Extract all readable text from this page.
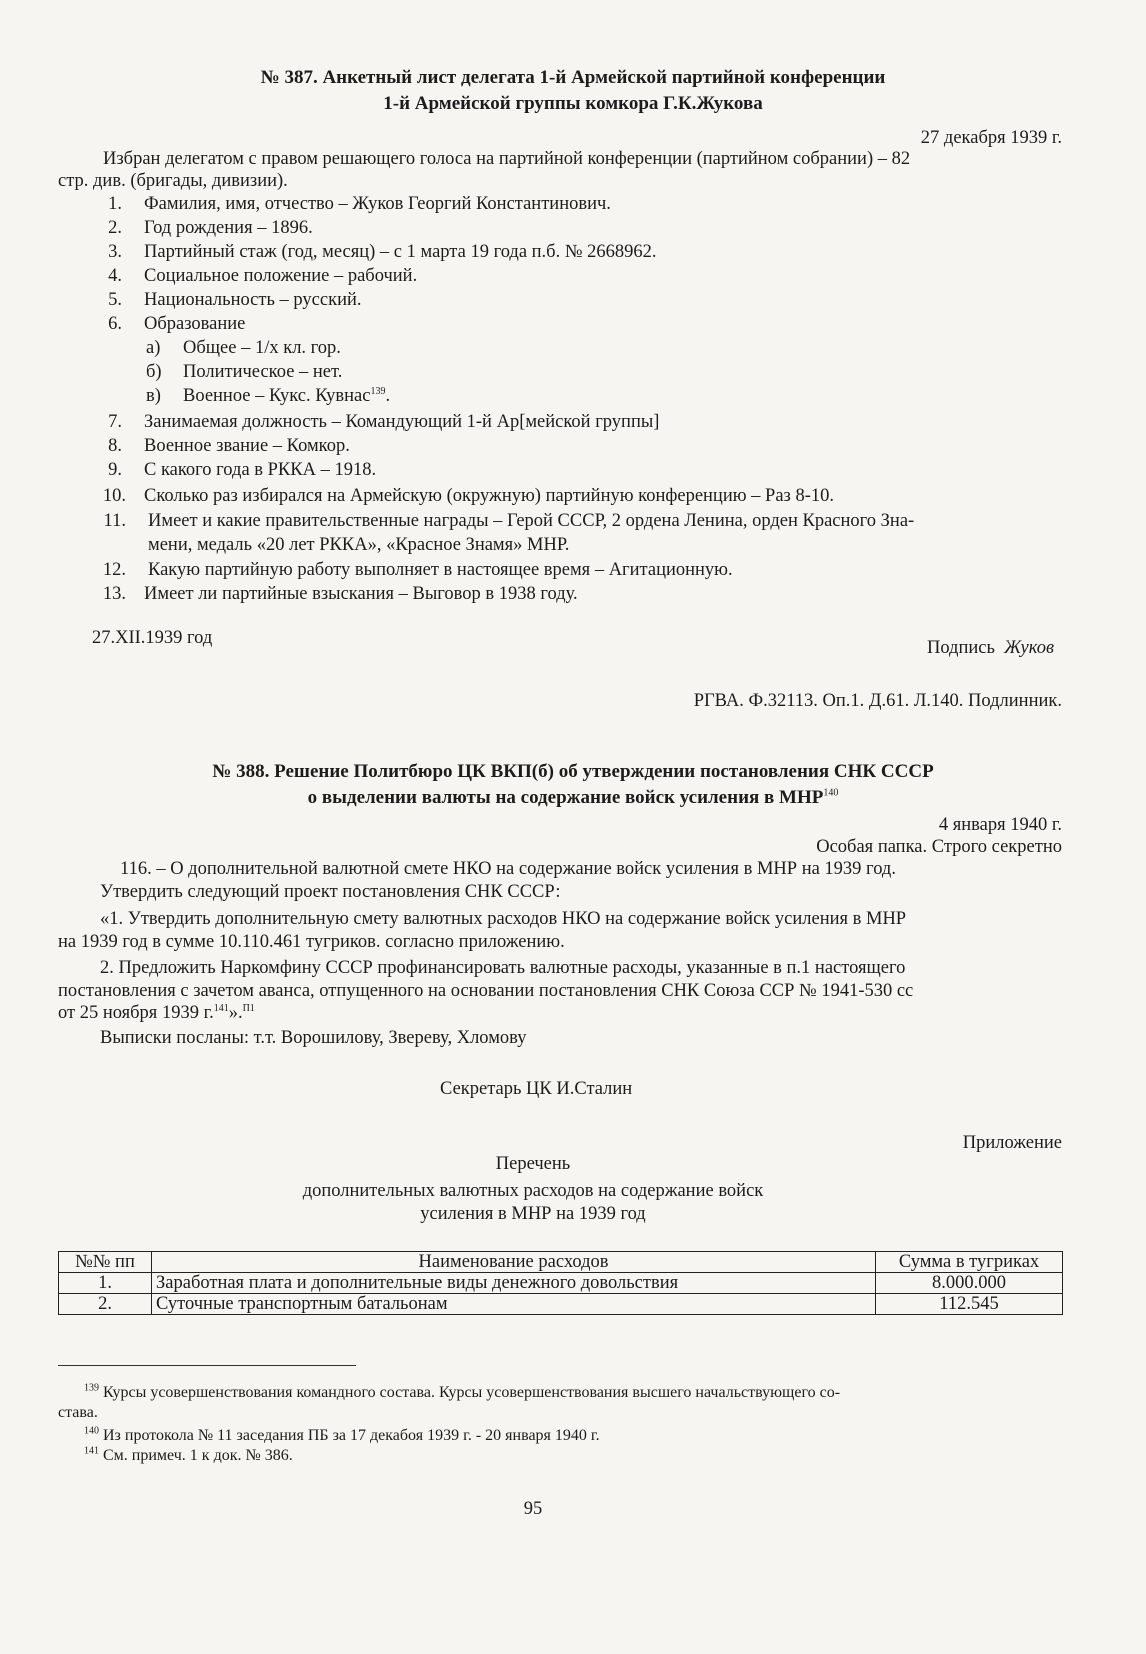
№ 387. Анкетный лист делегата 1-й Армейской партийной конференции
1-й Армейской группы комкора Г.К.Жукова
27 декабря 1939 г.
Избран делегатом с правом решающего голоса на партийной конференции (партийном собрании) – 82
стр. див. (бригады, дивизии).
1. Фамилия, имя, отчество – Жуков Георгий Константинович.
2. Год рождения – 1896.
3. Партийный стаж (год, месяц) – с 1 марта 19 года п.б. № 2668962.
4. Социальное положение – рабочий.
5. Национальность – русский.
6. Образование
а) Общее – 1/х кл. гор.
б) Политическое – нет.
в) Военное – Кукс. Кувнас$^{139}$.
7. Занимаемая должность – Командующий 1-й Ар[мейской группы]
8. Военное звание – Комкор.
9. С какого года в РККА – 1918.
10. Сколько раз избирался на Армейскую (окружную) партийную конференцию – Раз 8-10.
11. Имеет и какие правительственные награды – Герой СССР, 2 ордена Ленина, орден Красного Зна-
мени, медаль «20 лет РККА», «Красное Знамя» МНР.
12. Какую партийную работу выполняет в настоящее время – Агитационную.
13. Имеет ли партийные взыскания – Выговор в 1938 году.
27.XII.1939 год	Подпись Жуков
РГВА. Ф.32113. Оп.1. Д.61. Л.140. Подлинник.
№ 388. Решение Политбюро ЦК ВКП(б) об утверждении постановления СНК СССР
о выделении валюты на содержание войск усиления в МНР$^{140}$
4 января 1940 г.
Особая папка. Строго секретно
116. – О дополнительной валютной смете НКО на содержание войск усиления в МНР на 1939 год.
Утвердить следующий проект постановления СНК СССР:
«1. Утвердить дополнительную смету валютных расходов НКО на содержание войск усиления в МНР
на 1939 год в сумме 10.110.461 тугриков. согласно приложению.
2. Предложить Наркомфину СССР профинансировать валютные расходы, указанные в п.1 настоящего
постановления с зачетом аванса, отпущенного на основании постановления СНК Союза ССР № 1941-530 сс
от 25 ноября 1939 г.$^{141}$».$^{П1}$
Выписки посланы: т.т. Ворошилову, Звереву, Хломову
Секретарь ЦК И.Сталин
Приложение
Перечень
дополнительных валютных расходов на содержание войск
усиления в МНР на 1939 год
№№ пп	Наименование расходов	Сумма в тугриках
1.	Заработная плата и дополнительные виды денежного довольствия	8.000.000
2.	Суточные транспортным батальонам	112.545
$^{139}$ Курсы усовершенствования командного состава. Курсы усовершенствования высшего начальствующего со-
става.
$^{140}$ Из протокола № 11 заседания ПБ за 17 декабоя 1939 г. - 20 января 1940 г.
$^{141}$ См. примеч. 1 к док. № 386.
95
